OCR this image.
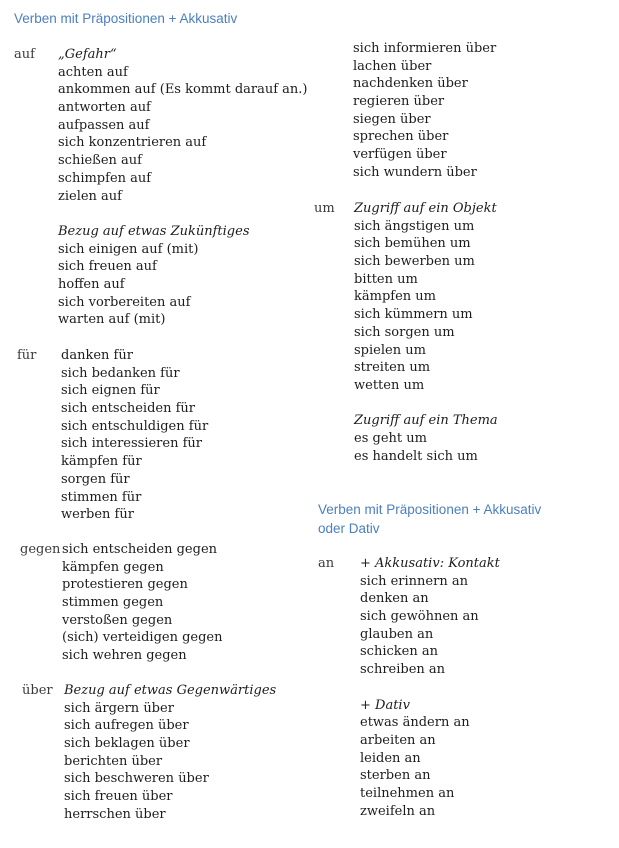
Verben mit Präpositionen + Akkusativ
Verben mit Präpositionen + Akkusativ
oder Dativ
auf „Gefahr“
achten auf
ankommen auf (Es kommt darauf an.)
antworten auf
aufpassen auf
sich konzentrieren auf
schießen auf
schimpfen auf
zielen auf
Bezug auf etwas Zukünftiges
sich einigen auf (mit)
sich freuen auf
hoffen auf
sich vorbereiten auf
warten auf (mit)
für danken für
sich bedanken für
sich eignen für
sich entscheiden für
sich entschuldigen für
sich interessieren für
kämpfen für
sorgen für
stimmen für
werben für
gegen sich entscheiden gegen
kämpfen gegen
protestieren gegen
stimmen gegen
verstoßen gegen
(sich) verteidigen gegen
sich wehren gegen
über Bezug auf etwas Gegenwärtiges
sich ärgern über
sich aufregen über
sich beklagen über
berichten über
sich beschweren über
sich freuen über
herrschen über
sich informieren über
lachen über
nachdenken über
regieren über
siegen über
sprechen über
verfügen über
sich wundern über
um Zugriff auf ein Objekt
sich ängstigen um
sich bemühen um
sich bewerben um
bitten um
kämpfen um
sich kümmern um
sich sorgen um
spielen um
streiten um
wetten um
Zugriff auf ein Thema
es geht um
es handelt sich um
an + Akkusativ: Kontakt
sich erinnern an
denken an
sich gewöhnen an
glauben an
schicken an
schreiben an
+ Dativ
etwas ändern an
arbeiten an
leiden an
sterben an
teilnehmen an
zweifeln an
